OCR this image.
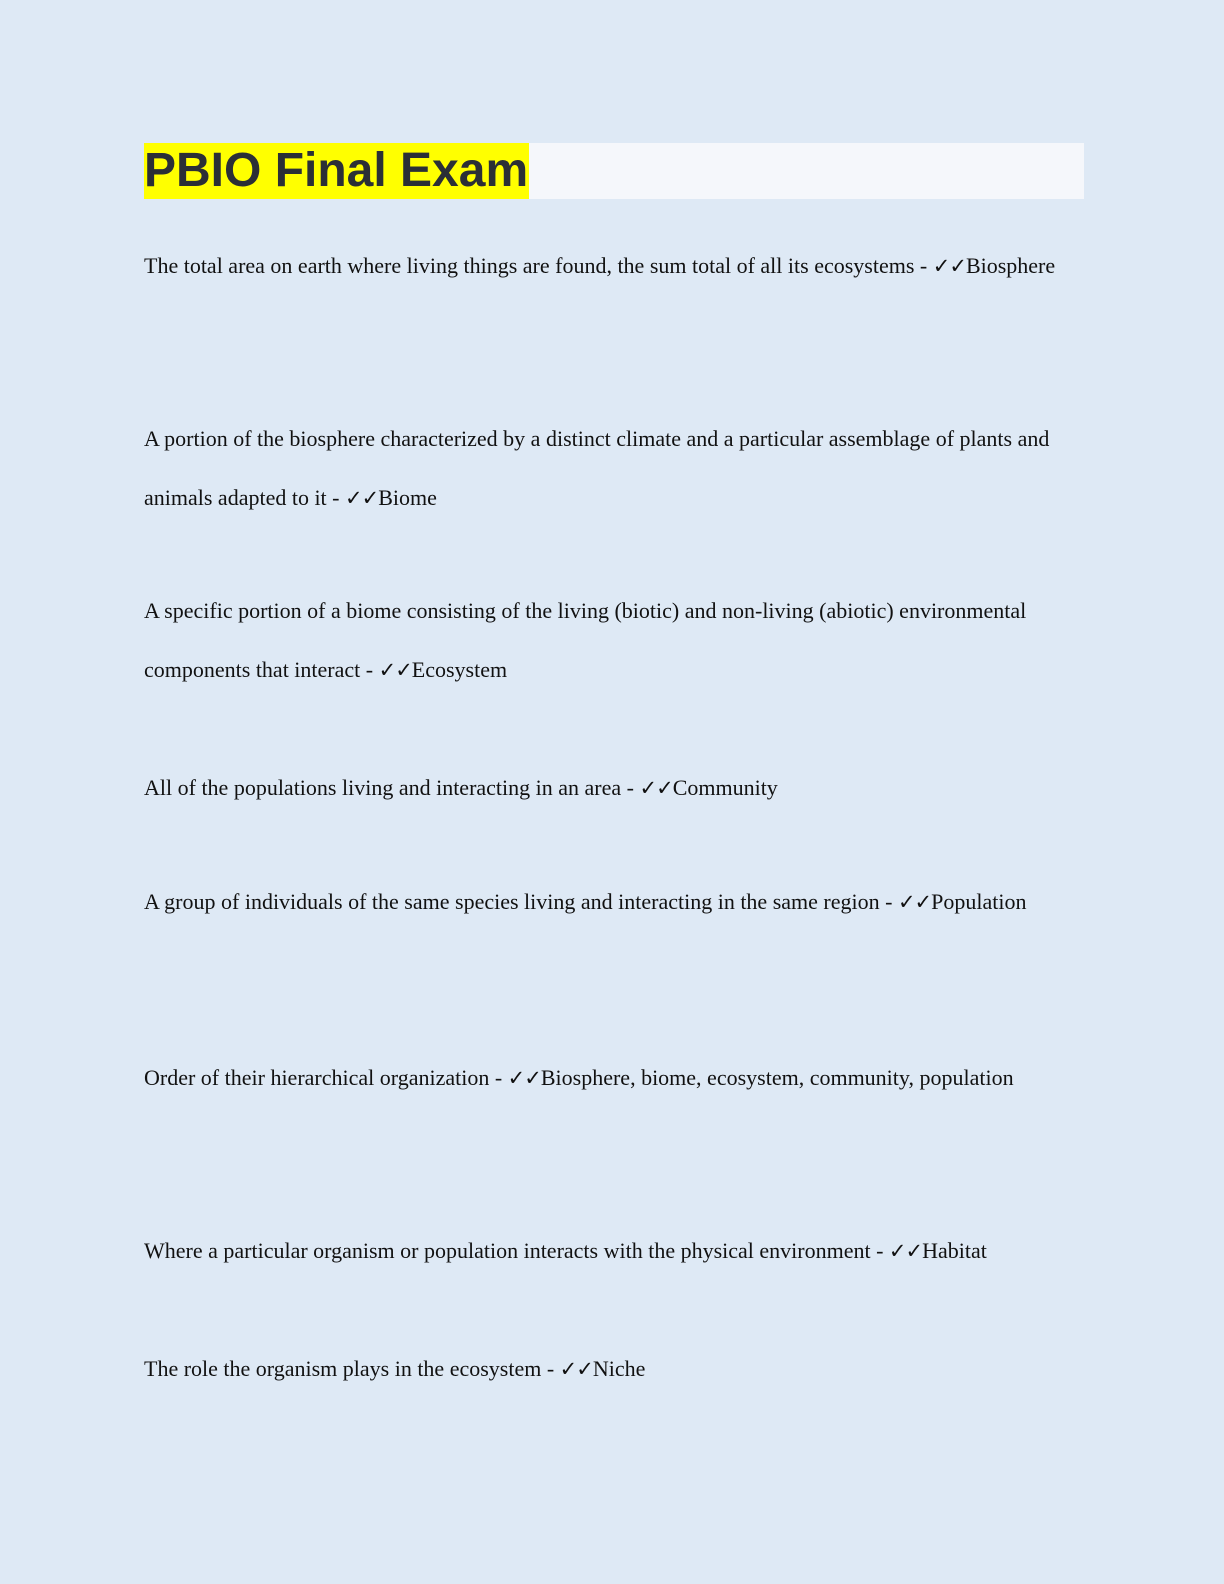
PBIO Final Exam
The total area on earth where living things are found, the sum total of all its ecosystems - ✓✓Biosphere
A portion of the biosphere characterized by a distinct climate and a particular assemblage of plants and animals adapted to it - ✓✓Biome
A specific portion of a biome consisting of the living (biotic) and non-living (abiotic) environmental components that interact - ✓✓Ecosystem
All of the populations living and interacting in an area - ✓✓Community
A group of individuals of the same species living and interacting in the same region - ✓✓Population
Order of their hierarchical organization - ✓✓Biosphere, biome, ecosystem, community, population
Where a particular organism or population interacts with the physical environment - ✓✓Habitat
The role the organism plays in the ecosystem - ✓✓Niche
